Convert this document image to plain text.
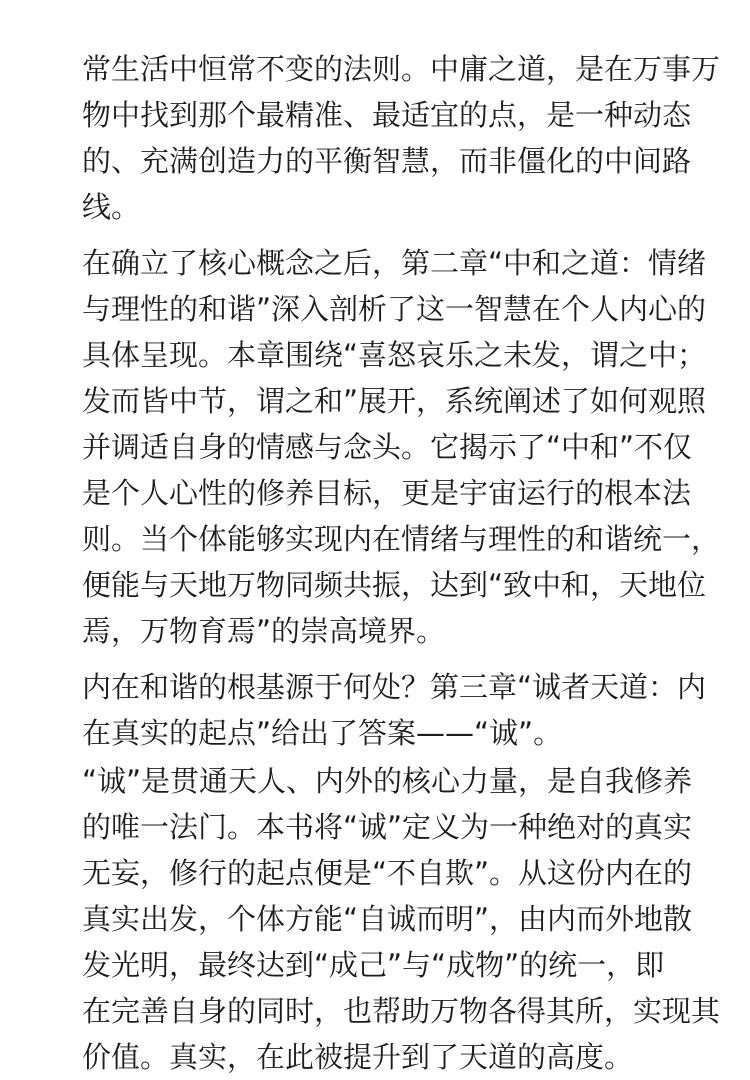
常生活中恒常不变的法则。中庸之道，是在万事万
物中找到那个最精准、最适宜的点，是一种动态
的、充满创造力的平衡智慧，而非僵化的中间路
线。

在确立了核心概念之后，第二章“中和之道：情绪
与理性的和谐”深入剖析了这一智慧在个人内心的
具体呈现。本章围绕“喜怒哀乐之未发，谓之中；
发而皆中节，谓之和”展开，系统阐述了如何观照
并调适自身的情感与念头。它揭示了“中和”不仅
是个人心性的修养目标，更是宇宙运行的根本法
则。当个体能够实现内在情绪与理性的和谐统一，
便能与天地万物同频共振，达到“致中和，天地位
焉，万物育焉”的崇高境界。

内在和谐的根基源于何处？第三章“诚者天道：内
在真实的起点”给出了答案——“诚”。

“诚”是贯通天人、内外的核心力量，是自我修养
的唯一法门。本书将“诚”定义为一种绝对的真实
无妄，修行的起点便是“不自欺”。从这份内在的
真实出发，个体方能“自诚而明”，由内而外地散
发光明，最终达到“成己”与“成物”的统一，即
在完善自身的同时，也帮助万物各得其所，实现其
价值。真实，在此被提升到了天道的高度。
